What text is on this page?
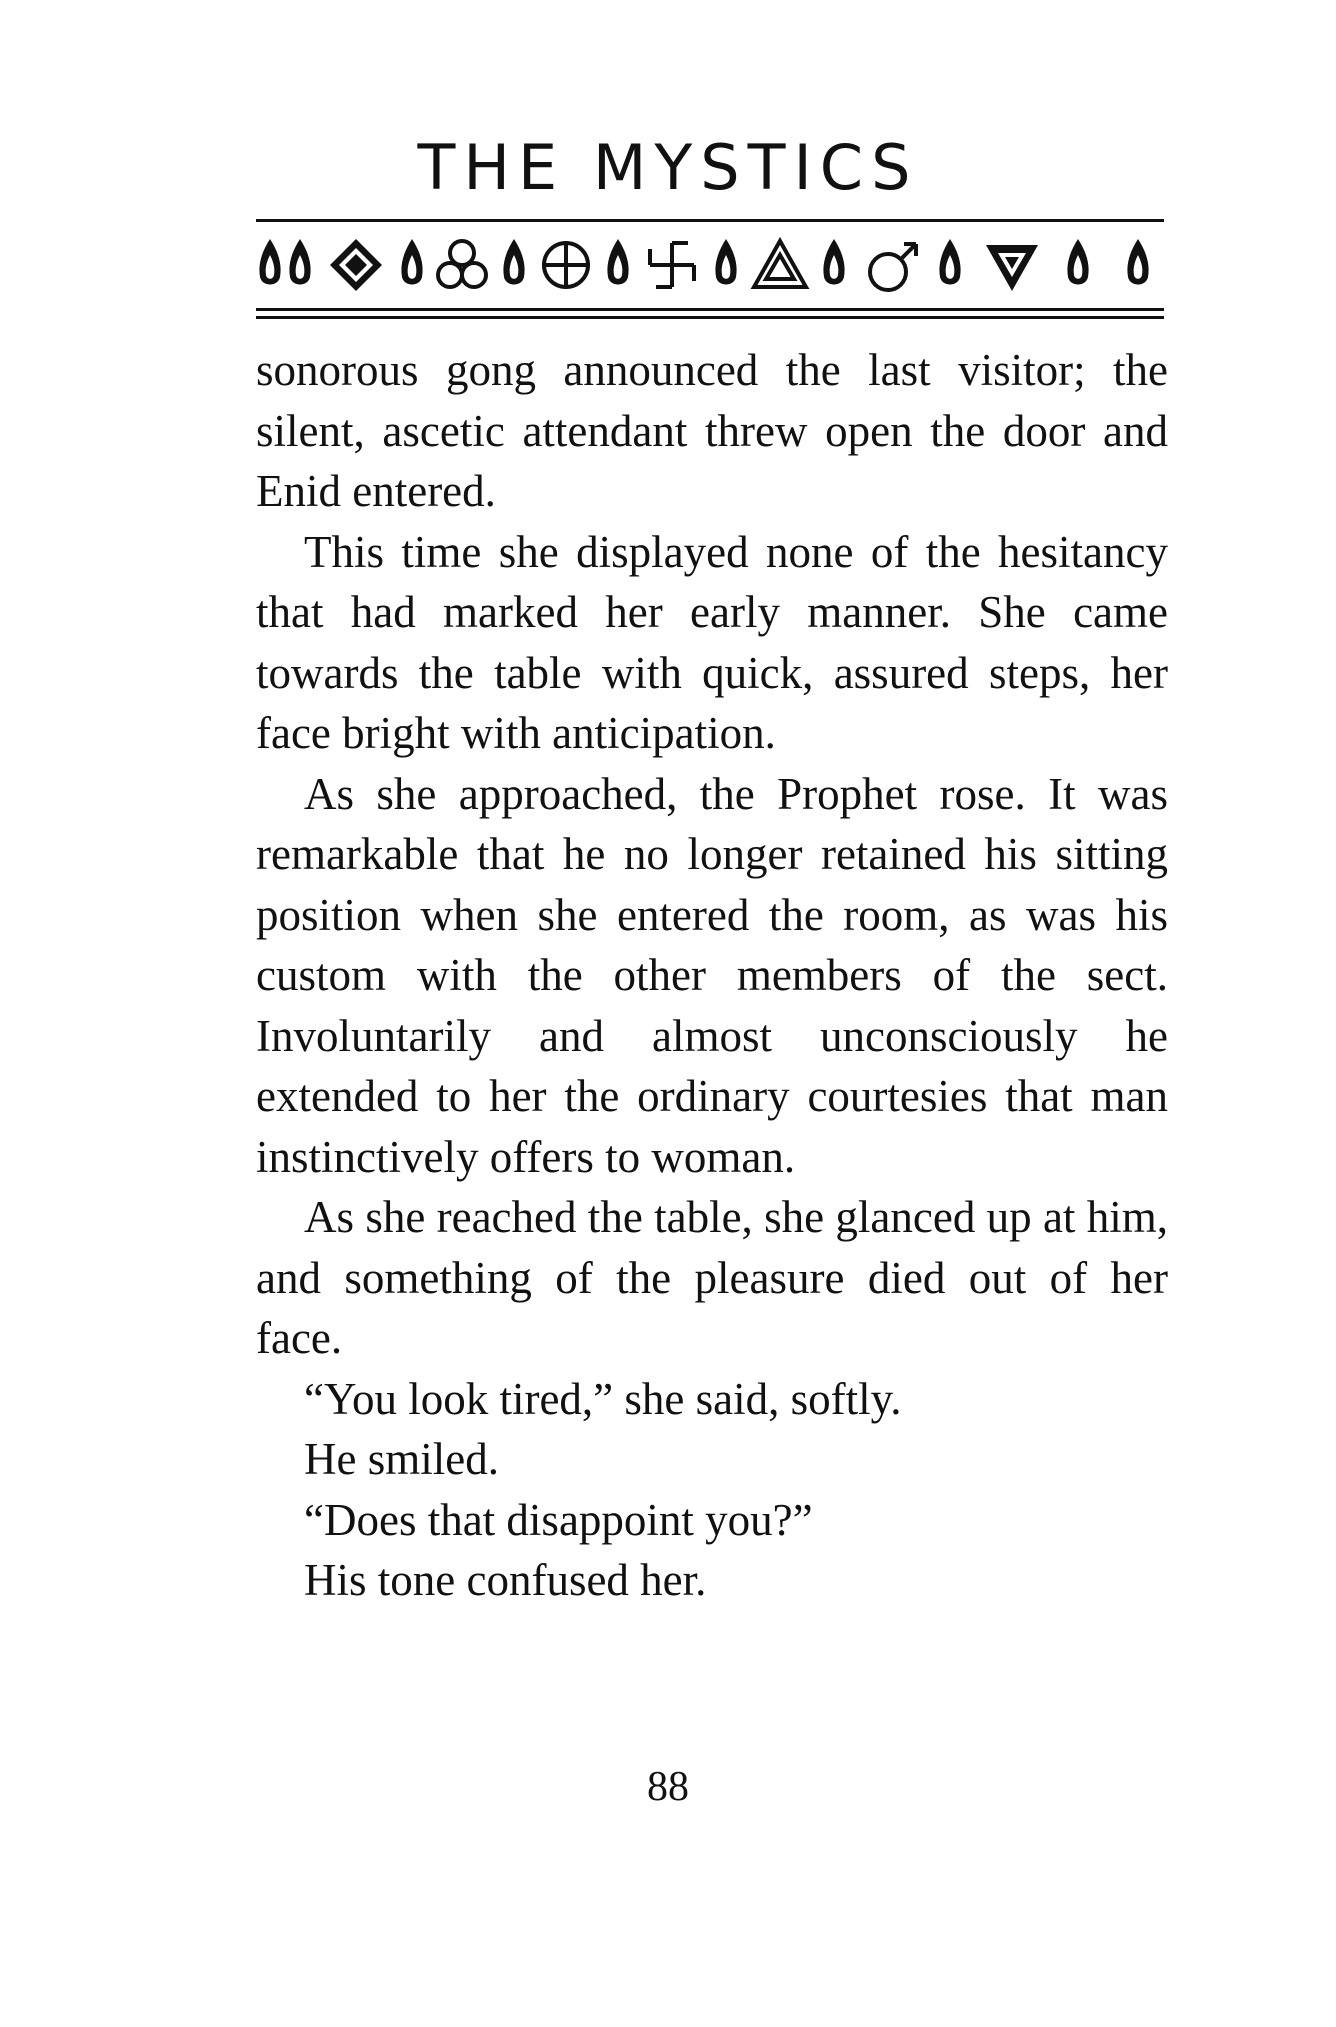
THE MYSTICS

sonorous gong announced the last visitor; the silent, ascetic attendant threw open the door and Enid entered.

This time she displayed none of the hesitancy that had marked her early manner. She came towards the table with quick, assured steps, her face bright with anticipation.

As she approached, the Prophet rose. It was remarkable that he no longer retained his sitting position when she entered the room, as was his custom with the other members of the sect. Involuntarily and almost unconsciously he extended to her the ordinary courtesies that man instinctively offers to woman.

As she reached the table, she glanced up at him, and something of the pleasure died out of her face.

“You look tired,” she said, softly.

He smiled.

“Does that disappoint you?”

His tone confused her.

88
